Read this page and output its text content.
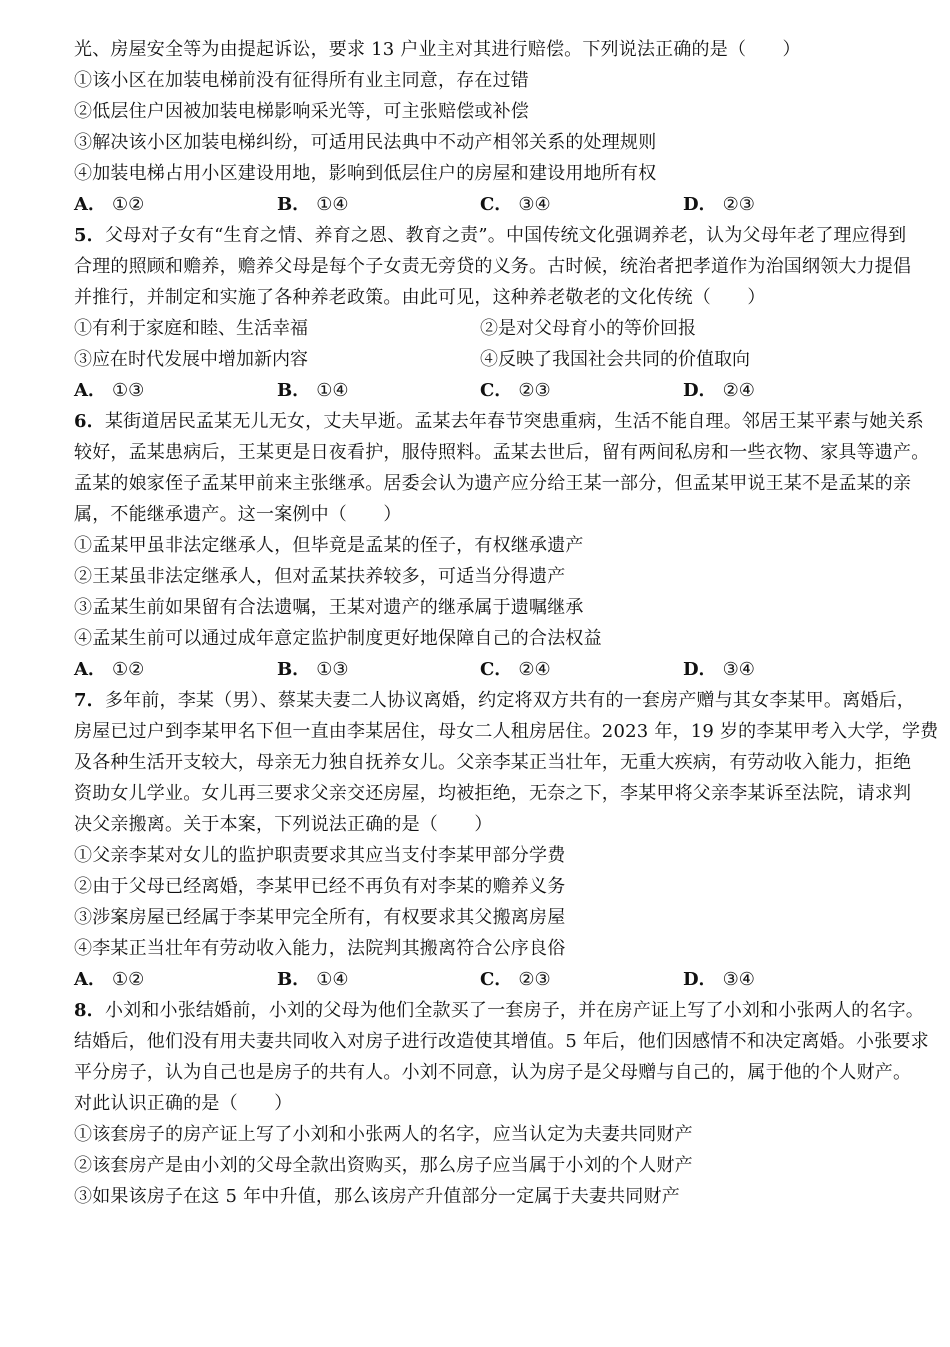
光、房屋安全等为由提起诉讼，要求 13 户业主对其进行赔偿。下列说法正确的是（　　）
①该小区在加装电梯前没有征得所有业主同意，存在过错
②低层住户因被加装电梯影响采光等，可主张赔偿或补偿
③解决该小区加装电梯纠纷，可适用民法典中不动产相邻关系的处理规则
④加装电梯占用小区建设用地，影响到低层住户的房屋和建设用地所有权
A． ①②	B． ①④	C． ③④	D． ②③
5．父母对子女有“生育之情、养育之恩、教育之责”。中国传统文化强调养老，认为父母年老了理应得到
合理的照顾和赡养，赡养父母是每个子女责无旁贷的义务。古时候，统治者把孝道作为治国纲领大力提倡
并推行，并制定和实施了各种养老政策。由此可见，这种养老敬老的文化传统（　　）
①有利于家庭和睦、生活幸福	②是对父母育小的等价回报
③应在时代发展中增加新内容	④反映了我国社会共同的价值取向
A． ①③	B． ①④	C． ②③	D． ②④
6．某街道居民孟某无儿无女，丈夫早逝。孟某去年春节突患重病，生活不能自理。邻居王某平素与她关系
较好，孟某患病后，王某更是日夜看护，服侍照料。孟某去世后，留有两间私房和一些衣物、家具等遗产。
孟某的娘家侄子孟某甲前来主张继承。居委会认为遗产应分给王某一部分，但孟某甲说王某不是孟某的亲
属，不能继承遗产。这一案例中（　　）
①孟某甲虽非法定继承人，但毕竟是孟某的侄子，有权继承遗产
②王某虽非法定继承人，但对孟某扶养较多，可适当分得遗产
③孟某生前如果留有合法遗嘱，王某对遗产的继承属于遗嘱继承
④孟某生前可以通过成年意定监护制度更好地保障自己的合法权益
A． ①②	B． ①③	C． ②④	D． ③④
7．多年前，李某（男）、蔡某夫妻二人协议离婚，约定将双方共有的一套房产赠与其女李某甲。离婚后，
房屋已过户到李某甲名下但一直由李某居住，母女二人租房居住。2023 年，19 岁的李某甲考入大学，学费
及各种生活开支较大，母亲无力独自抚养女儿。父亲李某正当壮年，无重大疾病，有劳动收入能力，拒绝
资助女儿学业。女儿再三要求父亲交还房屋，均被拒绝，无奈之下，李某甲将父亲李某诉至法院，请求判
决父亲搬离。关于本案，下列说法正确的是（　　）
①父亲李某对女儿的监护职责要求其应当支付李某甲部分学费
②由于父母已经离婚，李某甲已经不再负有对李某的赡养义务
③涉案房屋已经属于李某甲完全所有，有权要求其父搬离房屋
④李某正当壮年有劳动收入能力，法院判其搬离符合公序良俗
A． ①②	B． ①④	C． ②③	D． ③④
8．小刘和小张结婚前，小刘的父母为他们全款买了一套房子，并在房产证上写了小刘和小张两人的名字。
结婚后，他们没有用夫妻共同收入对房子进行改造使其增值。5 年后，他们因感情不和决定离婚。小张要求
平分房子，认为自己也是房子的共有人。小刘不同意，认为房子是父母赠与自己的，属于他的个人财产。
对此认识正确的是（　　）
①该套房子的房产证上写了小刘和小张两人的名字，应当认定为夫妻共同财产
②该套房产是由小刘的父母全款出资购买，那么房子应当属于小刘的个人财产
③如果该房子在这 5 年中升值，那么该房产升值部分一定属于夫妻共同财产
